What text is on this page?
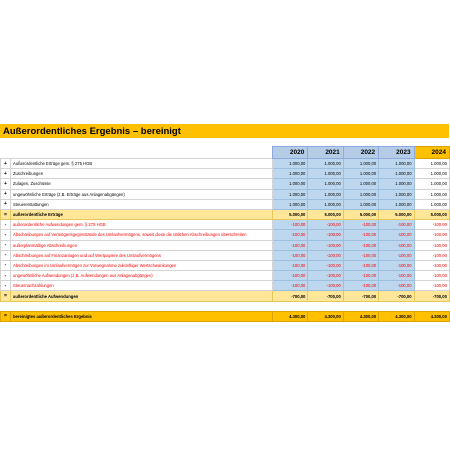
Außerordentliches Ergebnis – bereinigt
		2020	2021	2022	2023	2024
+	Außerordentliche Erträge gem. § 275 HGB	1.000,00	1.000,00	1.000,00	1.000,00	1.000,00
+	Zuschreibungen	1.000,00	1.000,00	1.000,00	1.000,00	1.000,00
+	Zulagen, Zuschüsse	1.000,00	1.000,00	1.000,00	1.000,00	1.000,00
+	ungewöhnliche Erträge (z.B. Erträge aus Anlagenabgängen)	1.000,00	1.000,00	1.000,00	1.000,00	1.000,00
+	Steuererstattungen	1.000,00	1.000,00	1.000,00	1.000,00	1.000,00
=	außerordentliche Erträge	5.000,00	5.000,00	5.000,00	5.000,00	5.000,00
-	außerordentliche Aufwendungen gem. § 275 HGB	-100,00	-100,00	-100,00	-100,00	-100,00
-	Abschreibungen auf Vermögensgegenstände des Umlaufvermögens, soweit diese die üblichen Abschreibungen überschreiten	-100,00	-100,00	-100,00	-100,00	-100,00
-	außerplanmäßige Abschreibungen	-100,00	-100,00	-100,00	-100,00	-100,00
-	Abschreibungen auf Finanzanlagen und auf Wertpapiere des Umlaufvermögens	-100,00	-100,00	-100,00	-100,00	-100,00
-	Abschreibungen im Umlaufvermögen zur Vorwegnahme zukünftiger Wertschwankungen	-100,00	-100,00	-100,00	-100,00	-100,00
-	ungewöhnliche Aufwendungen (z.B. Aufwendungen aus Anlagenabgängen)	-100,00	-100,00	-100,00	-100,00	-100,00
-	Steuernachzahlungen	-100,00	-100,00	-100,00	-100,00	-100,00
=	außerordentliche Aufwendungen	-700,00	-700,00	-700,00	-700,00	-700,00

=	bereinigtes außerordentliches Ergebnis	4.300,00	4.300,00	4.300,00	4.300,00	4.300,00
